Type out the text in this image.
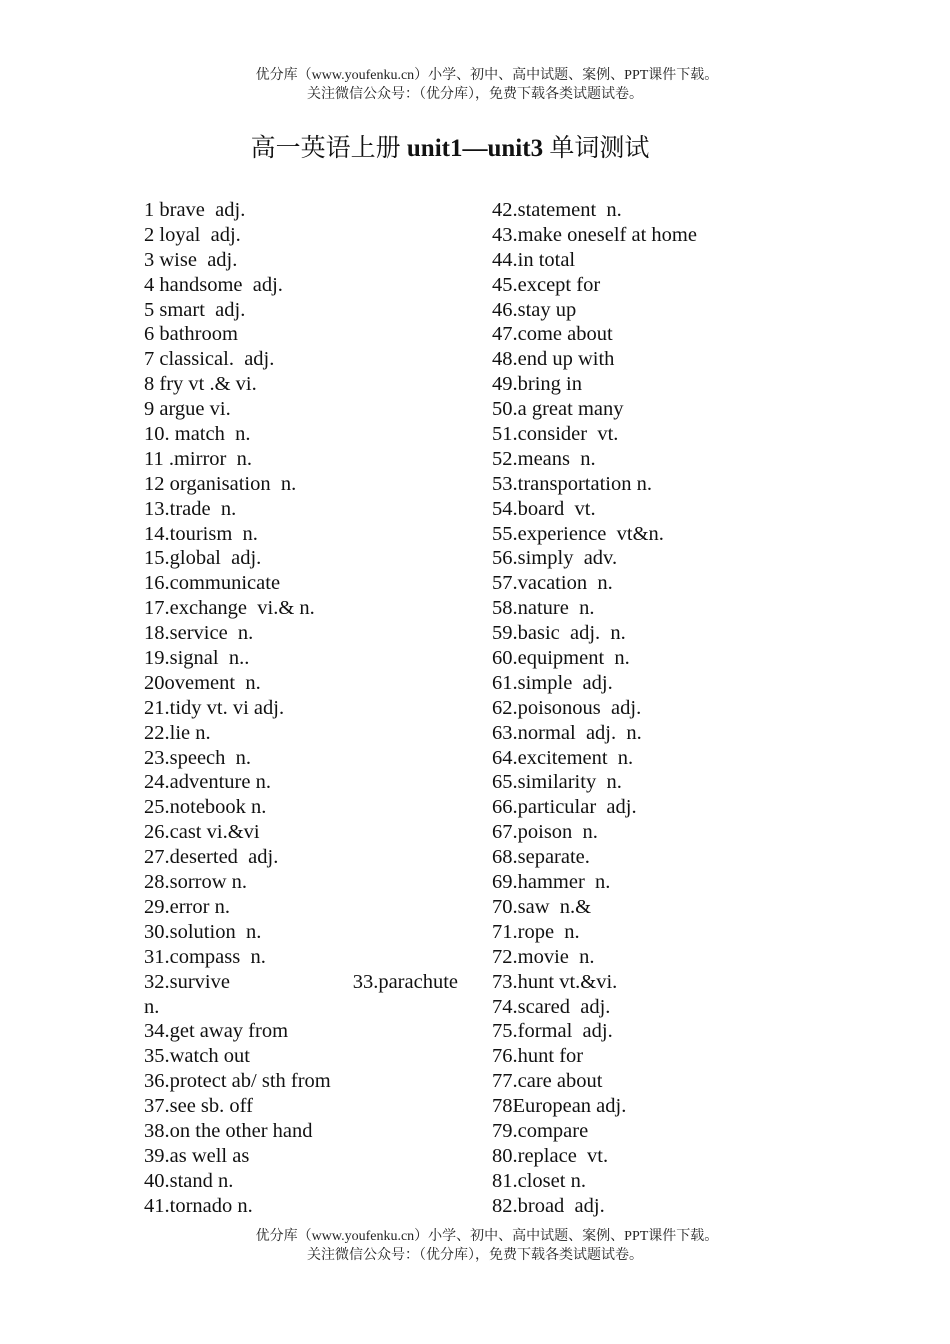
优分库（www.youfenku.cn）小学、初中、高中试题、案例、PPT课件下载。
关注微信公众号：（优分库），免费下载各类试题试卷。
高一英语上册 unit1—unit3 单词测试
1 brave  adj.
2 loyal  adj.
3 wise  adj.
4 handsome  adj.
5 smart  adj.
6 bathroom
7 classical.  adj.
8 fry vt .& vi.
9 argue vi.
10. match  n.
11 .mirror  n.
12 organisation  n.
13.trade  n.
14.tourism  n.
15.global  adj.
16.communicate
17.exchange  vi.& n.
18.service  n.
19.signal  n..
20ovement  n.
21.tidy vt. vi adj.
22.lie n.
23.speech  n.
24.adventure n.
25.notebook n.
26.cast vi.&vi
27.deserted  adj.
28.sorrow n.
29.error n.
30.solution  n.
31.compass  n.
32.survive	33.parachute
n.
34.get away from
35.watch out
36.protect ab/ sth from
37.see sb. off
38.on the other hand
39.as well as
40.stand n.
41.tornado n.
42.statement  n.
43.make oneself at home
44.in total
45.except for
46.stay up
47.come about
48.end up with
49.bring in
50.a great many
51.consider  vt.
52.means  n.
53.transportation n.
54.board  vt.
55.experience  vt&n.
56.simply  adv.
57.vacation  n.
58.nature  n.
59.basic  adj.  n.
60.equipment  n.
61.simple  adj.
62.poisonous  adj.
63.normal  adj.  n.
64.excitement  n.
65.similarity  n.
66.particular  adj.
67.poison  n.
68.separate.
69.hammer  n.
70.saw  n.&
71.rope  n.
72.movie  n.
73.hunt vt.&vi.
74.scared  adj.
75.formal  adj.
76.hunt for
77.care about
78European adj.
79.compare
80.replace  vt.
81.closet n.
82.broad  adj.
优分库（www.youfenku.cn）小学、初中、高中试题、案例、PPT课件下载。
关注微信公众号：（优分库），免费下载各类试题试卷。
